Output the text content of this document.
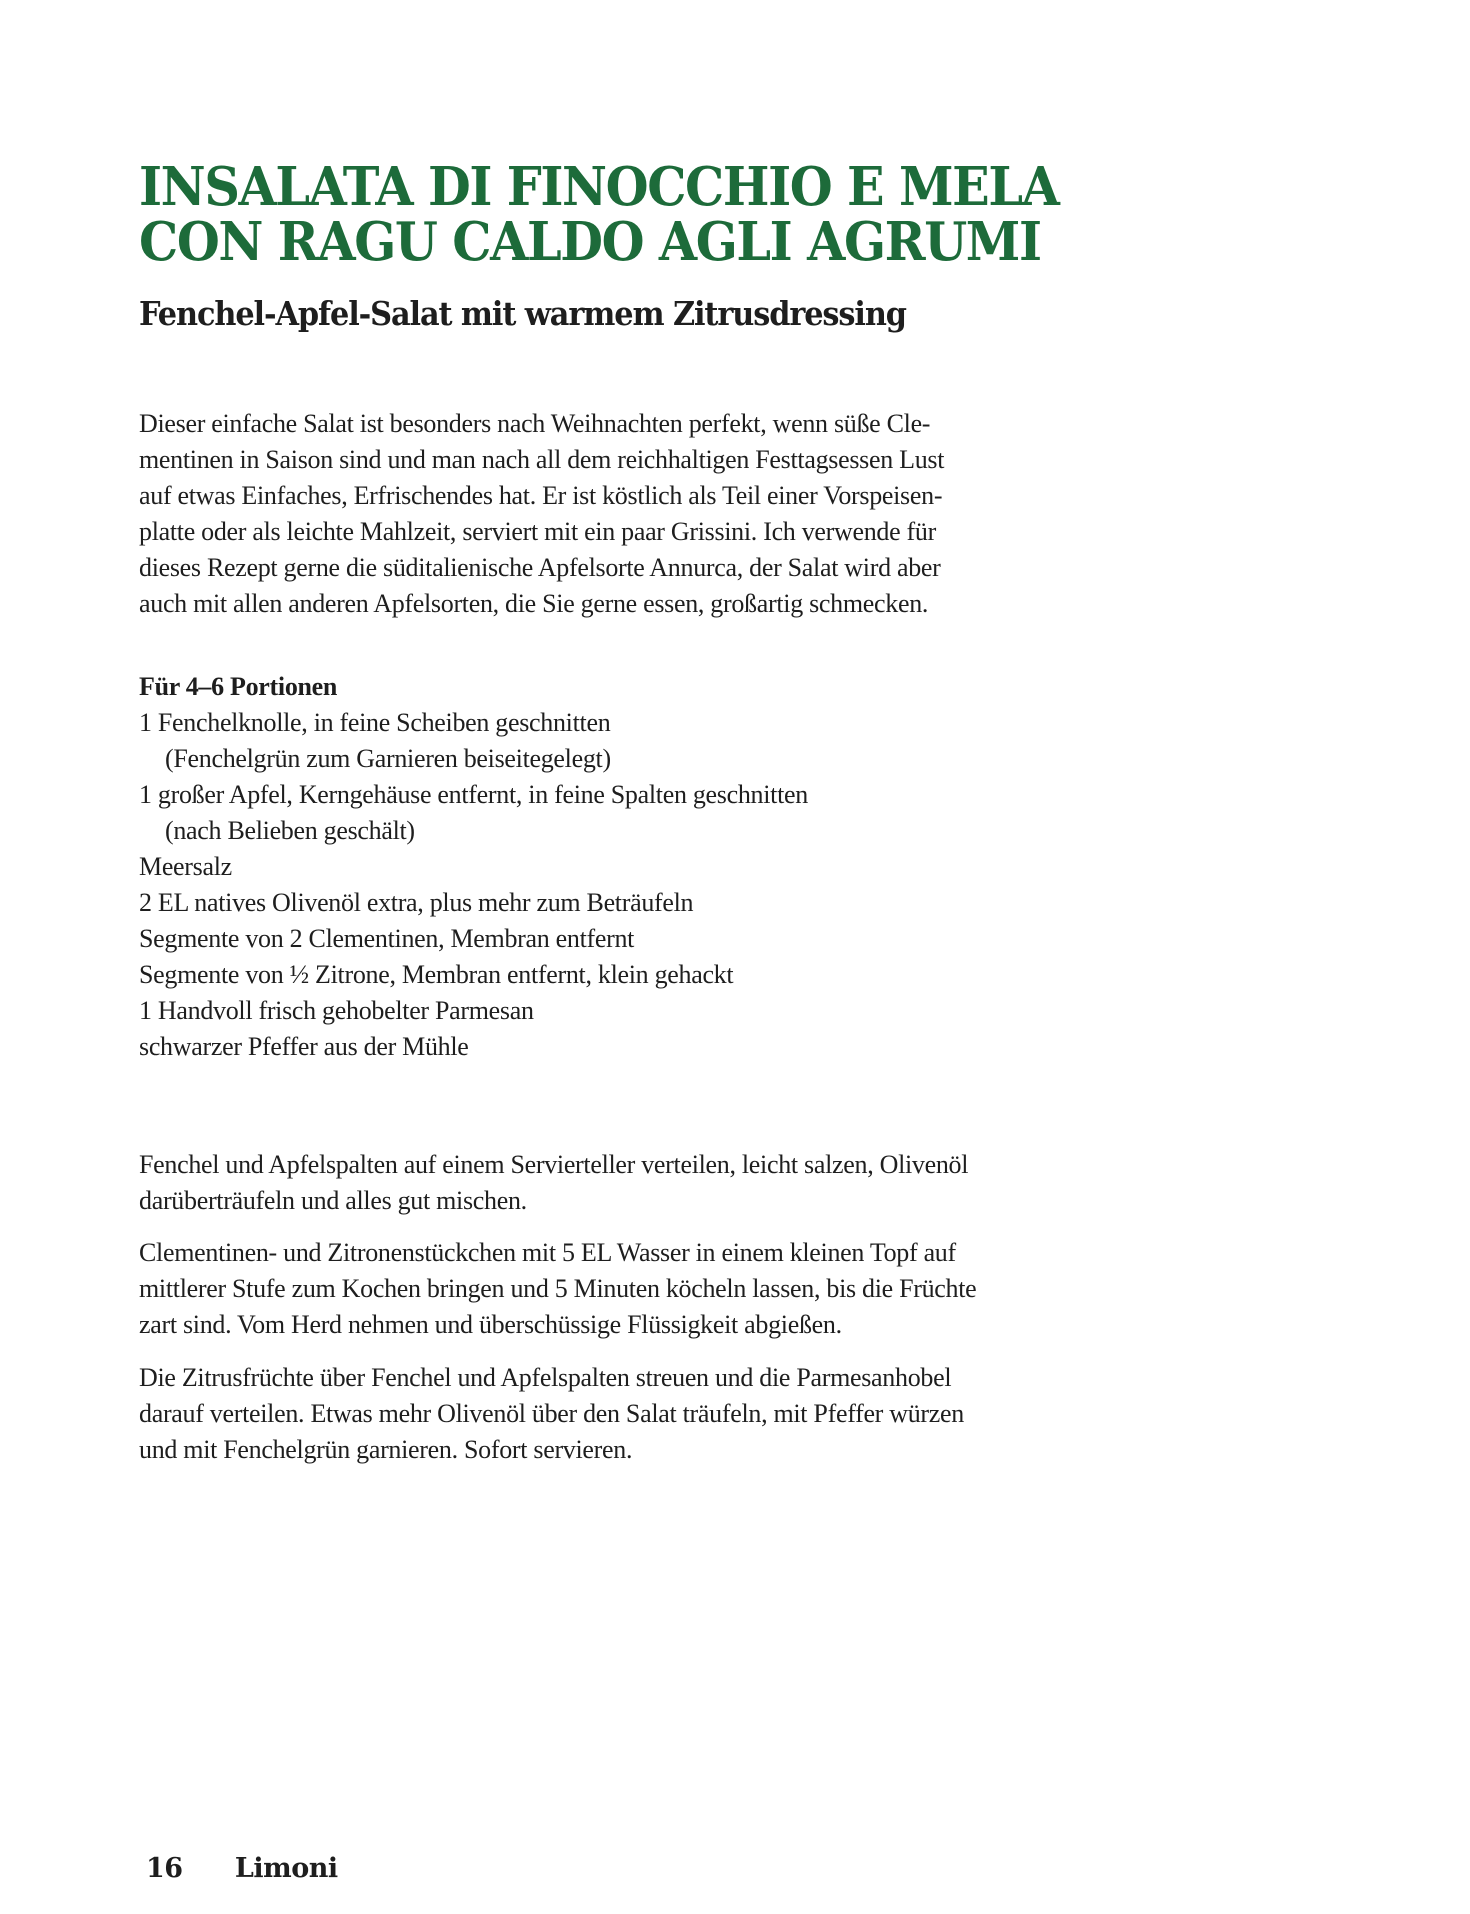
INSALATA DI FINOCCHIO E MELA
CON RAGU CALDO AGLI AGRUMI
Fenchel-Apfel-Salat mit warmem Zitrusdressing
Dieser einfache Salat ist besonders nach Weihnachten perfekt, wenn süße Cle-
mentinen in Saison sind und man nach all dem reichhaltigen Festtagsessen Lust
auf etwas Einfaches, Erfrischendes hat. Er ist köstlich als Teil einer Vorspeisen-
platte oder als leichte Mahlzeit, serviert mit ein paar Grissini. Ich verwende für
dieses Rezept gerne die süditalienische Apfelsorte Annurca, der Salat wird aber
auch mit allen anderen Apfelsorten, die Sie gerne essen, großartig schmecken.
Für 4–6 Portionen
1 Fenchelknolle, in feine Scheiben geschnitten
(Fenchelgrün zum Garnieren beiseitegelegt)
1 großer Apfel, Kerngehäuse entfernt, in feine Spalten geschnitten
(nach Belieben geschält)
Meersalz
2 EL natives Olivenöl extra, plus mehr zum Beträufeln
Segmente von 2 Clementinen, Membran entfernt
Segmente von ½ Zitrone, Membran entfernt, klein gehackt
1 Handvoll frisch gehobelter Parmesan
schwarzer Pfeffer aus der Mühle
Fenchel und Apfelspalten auf einem Servierteller verteilen, leicht salzen, Olivenöl
darüberträufeln und alles gut mischen.
Clementinen- und Zitronenstückchen mit 5 EL Wasser in einem kleinen Topf auf
mittlerer Stufe zum Kochen bringen und 5 Minuten köcheln lassen, bis die Früchte
zart sind. Vom Herd nehmen und überschüssige Flüssigkeit abgießen.
Die Zitrusfrüchte über Fenchel und Apfelspalten streuen und die Parmesanhobel
darauf verteilen. Etwas mehr Olivenöl über den Salat träufeln, mit Pfeffer würzen
und mit Fenchelgrün garnieren. Sofort servieren.
16 Limoni
